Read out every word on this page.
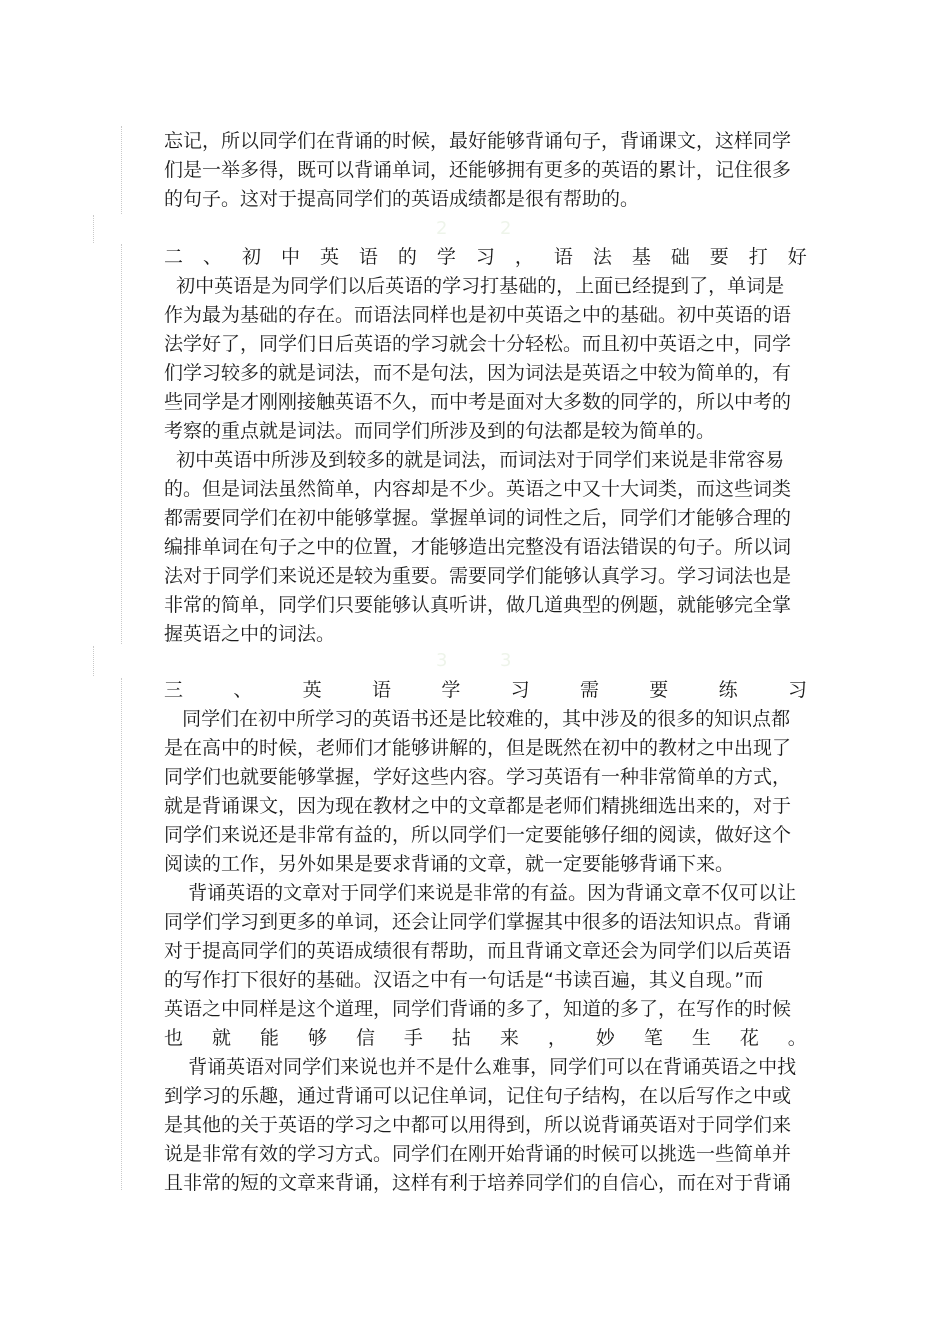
2	2
3	3
忘记，所以同学们在背诵的时候，最好能够背诵句子，背诵课文，这样同学
们是一举多得，既可以背诵单词，还能够拥有更多的英语的累计，记住很多
的句子。这对于提高同学们的英语成绩都是很有帮助的。
二 、 初 中 英 语 的 学 习 ， 语 法 基 础 要 打 好
初中英语是为同学们以后英语的学习打基础的，上面已经提到了，单词是
作为最为基础的存在。而语法同样也是初中英语之中的基础。初中英语的语
法学好了，同学们日后英语的学习就会十分轻松。而且初中英语之中，同学
们学习较多的就是词法，而不是句法，因为词法是英语之中较为简单的，有
些同学是才刚刚接触英语不久，而中考是面对大多数的同学的，所以中考的
考察的重点就是词法。而同学们所涉及到的句法都是较为简单的。
初中英语中所涉及到较多的就是词法，而词法对于同学们来说是非常容易
的。但是词法虽然简单，内容却是不少。英语之中又十大词类，而这些词类
都需要同学们在初中能够掌握。掌握单词的词性之后，同学们才能够合理的
编排单词在句子之中的位置，才能够造出完整没有语法错误的句子。所以词
法对于同学们来说还是较为重要。需要同学们能够认真学习。学习词法也是
非常的简单，同学们只要能够认真听讲，做几道典型的例题，就能够完全掌
握英语之中的词法。
三	、	英	语	学	习	需	要	练	习
同学们在初中所学习的英语书还是比较难的，其中涉及的很多的知识点都
是在高中的时候，老师们才能够讲解的，但是既然在初中的教材之中出现了
同学们也就要能够掌握，学好这些内容。学习英语有一种非常简单的方式，
就是背诵课文，因为现在教材之中的文章都是老师们精挑细选出来的，对于
同学们来说还是非常有益的，所以同学们一定要能够仔细的阅读，做好这个
阅读的工作，另外如果是要求背诵的文章，就一定要能够背诵下来。
背诵英语的文章对于同学们来说是非常的有益。因为背诵文章不仅可以让
同学们学习到更多的单词，还会让同学们掌握其中很多的语法知识点。背诵
对于提高同学们的英语成绩很有帮助，而且背诵文章还会为同学们以后英语
的写作打下很好的基础。汉语之中有一句话是“书读百遍，其义自现。”而
英语之中同样是这个道理，同学们背诵的多了，知道的多了，在写作的时候
也 就 能 够 信 手 拈 来 ， 妙 笔 生 花 。
背诵英语对同学们来说也并不是什么难事，同学们可以在背诵英语之中找
到学习的乐趣，通过背诵可以记住单词，记住句子结构，在以后写作之中或
是其他的关于英语的学习之中都可以用得到，所以说背诵英语对于同学们来
说是非常有效的学习方式。同学们在刚开始背诵的时候可以挑选一些简单并
且非常的短的文章来背诵，这样有利于培养同学们的自信心，而在对于背诵
